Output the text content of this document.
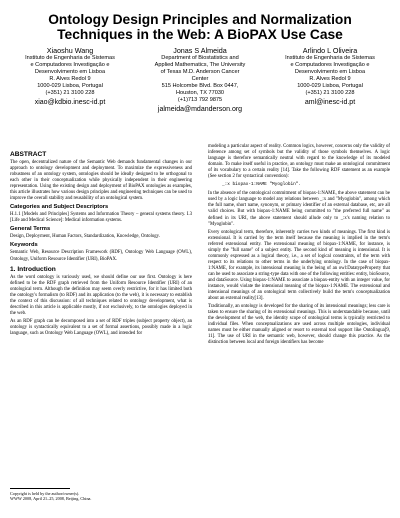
Ontology Design Principles and Normalization Techniques in the Web: A BioPAX Use Case
Xiaoshu Wang
Instituto de Engenharia de Sistemas
e Computadores Investigação e
Desenvolvimento em Lisboa
R. Alves Redol 9
1000-029 Lisboa, Portugal
(+351) 21 3100 228
xiao@kdbio.inesc-id.pt
Jonas S Almeida
Department of Biostatistics and
Applied Mathematics, The University
of Texas M.D. Anderson Cancer
Center
515 Holcombe Blvd. Box 0447,
Houston, TX 77030
(+1)713 792 9875
jalmeida@mdanderson.org
Arlindo L Oliveira
Instituto de Engenharia de Sistemas
e Computadores Investigação e
Desenvolvimento em Lisboa
R. Alves Redol 9
1000-029 Lisboa, Portugal
(+351) 21 3100 228
aml@inesc-id.pt
ABSTRACT

The open, decentralized nature of the Semantic Web demands fundamental changes in our approach to ontology development and deployment. To maximize the expressiveness and robustness of an ontology system, ontologies should be ideally designed to be orthogonal to each other in their conceptualization while physically independent in their engineering representation. Using the existing design and deployment of BioPAX ontologies as examples, this article illustrates how various design principles and engineering techniques can be used to improve the overall stability and reusability of an ontological system.

Categories and Subject Descriptors

H.1.1 [Models and Principles] Systems and Information Theory – general systems theory. I.3 [Life and Medical Science]: Medical information systems.

General Terms

Design, Deployment, Human Factors, Standardization, Knowledge, Ontology.

Keywords

Semantic Web, Resource Description Framework (RDF), Ontology Web Language (OWL), Ontology, Uniform Resource Identifier (URI), BioPAX.

1. Introduction

As the word ontology is variously used, we should define our use first. Ontology is here defined to be the RDF graph retrieved from the Uniform Resource Identifier (URI) of an ontological term. Although the definition may seem overly restrictive, for it has limited both the ontology's formalism (to RDF) and its application (to the web), it is necessary to establish the context of this discussion: of all techniques related to ontology development, what is described in this article is applicable mostly, if not exclusively, to the ontologies deployed in the web.

As an RDF graph can be decomposed into a set of RDF triples (subject property object), an ontology is syntactically equivalent to a set of formal assertions, possibly made in a logic language, such as Ontology Web Language (OWL), and intended for

Copyright is held by the author/owner(s).
WWW 2008, April 21–25, 2008, Beijing, China.

modeling a particular aspect of reality. Common logics, however, concerns only the validity of inference among set of symbols but the validity of those symbols themselves. A logic language is therefore semantically neutral with regard to the knowledge of its modeled domain. To make itself useful in practice, an ontology must make an ontological commitment of its vocabulary to a certain reality [14]. Take the following RDF statement as an example (See section 2 for syntactical convention):

_:x biopax-1:NAME "Myoglobin".

In the absence of the ontological commitment of biopax-1:NAME, the above statement can be used by a logic language to model any relations between _:x and "Myoglobin", among which the full name, short name, synonym, or primary identifier of an external database, etc, are all valid choices. But with biopax-1:NAME being committed to "the preferred full name" as defined in its URI, the above statement should allude only to _:x's naming relation to "Myoglobin".

Every ontological term, therefore, inherently carries two kinds of meanings. The first kind is extensional. It is carried by the term itself because the meaning is implied in the term's referred extensional entity. The extensional meaning of biopax-1:NAME, for instance, is simply the "full name" of a subject entity. The second kind of meaning is intensional. It is commonly expressed as a logical theory, i.e., a set of logical constraints, of the term with respect to its relations to other terms in the underlying ontology. In the case of biopax-1:NAME, for example, its intensional meaning is the being of an owl:DatatypeProperty that can be used to associate a string-type data with one of the following entities: entity, bioSource, and dataSource. Using biopax-1:NAME to associate a biopax-entity with an integer value, for instance, would violate the intensional meaning of the biopax-1:NAME. The extensional and intensional meanings of an ontological term collectively build the term's conceptualization about an external reality[13].

Traditionally, an ontology is developed for the sharing of its intensional meanings; less care is taken to ensure the sharing of its extensional meanings. This is understandable because, until the development of the web, the identity scope of ontological terms is typically restricted to individual files. When conceptualizations are used across multiple ontologies, individual names must be either manually aligned or resort to external tool support like Ontolingua[9, 11]. The use of URI in the semantic web, however, should change this practice. As the distinction between local and foreign identifiers has become
